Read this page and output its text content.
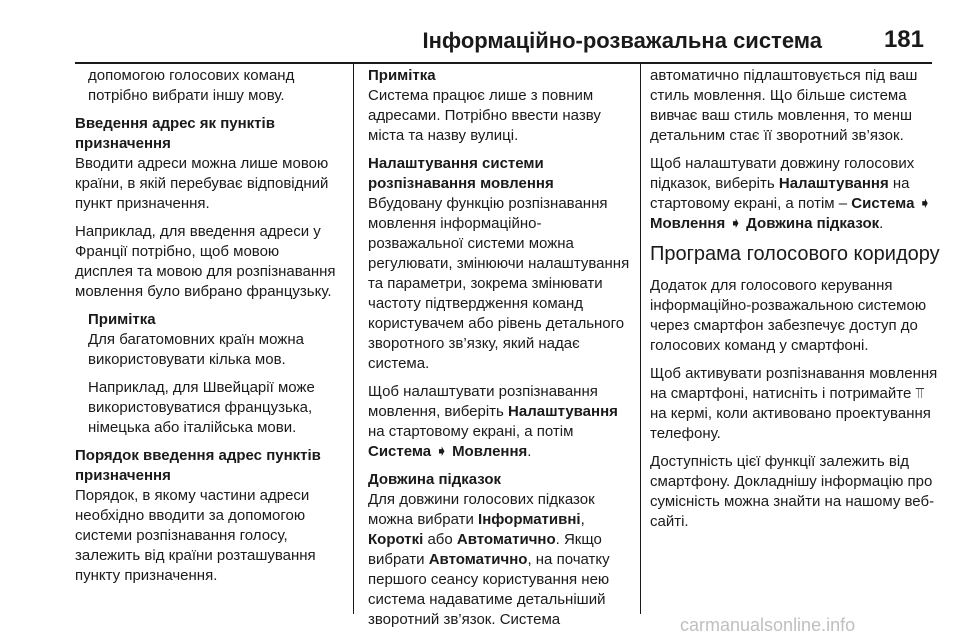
Інформаційно-розважальна система	181

допомогою голосових команд потрібно вибрати іншу мову.

Введення адрес як пунктів призначення

Вводити адреси можна лише мовою країни, в якій перебуває відповідний пункт призначення.

Наприклад, для введення адреси у Франції потрібно, щоб мовою дисплея та мовою для розпізнавання мовлення було вибрано французьку.

Примітка

Для багатомовних країн можна використовувати кілька мов.

Наприклад, для Швейцарії може використовуватися французька, німецька або італійська мови.

Порядок введення адрес пунктів призначення

Порядок, в якому частини адреси необхідно вводити за допомогою системи розпізнавання голосу, залежить від країни розташування пункту призначення.

Примітка

Система працює лише з повним адресами. Потрібно ввести назву міста та назву вулиці.

Налаштування системи розпізнавання мовлення

Вбудовану функцію розпізнавання мовлення інформаційно-розважальної системи можна регулювати, змінюючи налаштування та параметри, зокрема змінювати частоту підтвердження команд користувачем або рівень детального зворотного зв’язку, який надає система.

Щоб налаштувати розпізнавання мовлення, виберіть Налаштування на стартовому екрані, а потім Система ➧ Мовлення.

Довжина підказок

Для довжини голосових підказок можна вибрати Інформативні, Короткі або Автоматично. Якщо вибрати Автоматично, на початку першого сеансу користування нею система надаватиме детальніший зворотний зв’язок. Система

автоматично підлаштовується під ваш стиль мовлення. Що більше система вивчає ваш стиль мовлення, то менш детальним стає її зворотний зв’язок.

Щоб налаштувати довжину голосових підказок, виберіть Налаштування на стартовому екрані, а потім – Система ➧
Мовлення ➧ Довжина підказок.

Програма голосового коридору

Додаток для голосового керування інформаційно-розважальною системою через смартфон забезпечує доступ до голосових команд у смартфоні.

Щоб активувати розпізнавання мовлення на смартфоні, натисніть і потримайте ⫪ на кермі, коли активовано проектування телефону.

Доступність цієї функції залежить від смартфону. Докладнішу інформацію про сумісність можна знайти на нашому веб-сайті.

carmanualsonline.info
